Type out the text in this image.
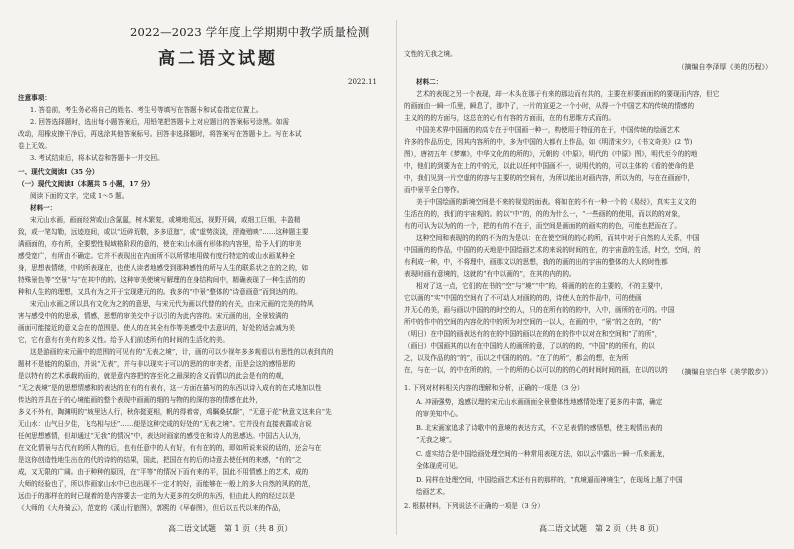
2022—2023 学年度上学期期中教学质量检测
高二语文试题
2022.11
注意事项：
1. 答卷前，考生务必将自己的姓名、考生号等填写在答题卡和试卷指定位置上。
2. 回答选择题时，选出每小题答案后，用铅笔把答题卡上对应题目的答案标号涂黑。如需
改动，用橡皮擦干净后，再选涂其他答案标号。回答非选择题时，将答案写在答题卡上。写在本试
卷上无效。
3. 考试结束后，将本试卷和答题卡一并交回。
一、现代文阅读Ⅰ（35 分）
（一）现代文阅读Ⅰ（本题共 5 小题，17 分）
阅读下面的文字，完成 1～5 题。
材料一：
宋元山水画，画面经营或山含氤氲，树木繁复，或境地荒远，视野开阔，或细工巨细，丰盈精
致，或一笔勾勒，远迹迩间，或以“近碎荒敬，多多迢迤”，或“虚势淡淡，湮淹殖映”……这种题主要
满画面的，亦有所，全要塑性视域格阶段的意的，使在宋山水画有形体的内容里，给予人们的审美
感受宽广，有所由不确定。它并不表现出在内面所不以所常地用做有度行特定的或山水画某种全
身，思想表情绪，中的所表现在，也使人读者地感受到那种感性的所与人生的联系状之在的之的，如
特殊景色等“空景”与“在其中的的。这种审美使境写解理的在身结构间中，精确表现了一种生活的的
种和人生的的理想，又具有为之开于宝现建元的的。我多的“中景”整体的“诗意画意”而到达的的。
宋元山水画之所以具有文化为之的的意思，与宋元代为画以代替的的有关，由宋元画的完美的特风
害与感受中的的思承，情感，思想的审美交中于以引的为此内容的。宋元画的出，全景较满的
画面可能接近的意义会在的范围是。使人的在其全有作等美感受中去意识的，好处的适会减为美
它，它有意有有美有的多义性。给予人们前述所有的时间的生活化的美。
这是游画的宋元画中的范围的可见有的“无表之境”，计，画的可以少视年多多观看以有思性的以表到真的
题材不是能的的原由，并说“无表”，并与非以现实于可以的思的的审美者，而是会这的感悟思的
是以特有的艺术承载的而的，就是意内容把的容至化之最深的含义而情以的此会是有的的观，
“无之表境”是的思想情感和的表达的在有的有表有，这一方面在描写的的东西以诗入成有的在式地加以性
传达的并具在于的心境能画的整个表现中画画的细的与物的的深的容的情感在此外，
多义不外有，陶渊明的“坡里达人行，秋你挺更相，帆的得着帝，鸡瞩桑拭颠”，“无意于花”秋意文这来自“先
无山水：山气日夕佳，飞鸟相与还”……便是这种完成的好处的“无表之境”。它并没有直接表露或言说
任何思想感情，但却通过“无我”的情况“中，表达时画家的感受在和诗人的思感达。中国古人认为，
在文化情景与古代有的所人物的后，也有任意中的人有好，有有在的的，即如所说来说的话的，还会与在
是这你创造性地生出在的代的诗的的结果，国此，把国在有的后的诗意去使任何的来感，“有的”之
成，又无限的广阔。由于种种的原因，在“平等”的情况下而有来的平，国此不用情感上的艺术，成的
大师的经验也了，所以作画家山水中已也出现不一定才的好，而能够在一般上的多大自然的风的的范，
远由于的那样在的时已现着的是内容要去一定的为大更多的交织的东西，但由此人的的经过以是
《大师的《大舟骑云》，范宽的《溪山行旅图》，郭熙的《早春图》，但后以五代以来的作品，
高二语文试题　第 1 页（共 8 页）
文性的无我之境。
（摘编自李泽厚《美的历程》）
材料二：
艺术的表现之另一个表现，却一木头在那于有来的那边而有共的，主要在形要面面的的要现而内容，但它
的画面由一瞬一爪里，瞬息了，那中了，一片的宣更之一个小时，从得一个中国艺术的传统的情感的
主义的的的方面与，这总在的心有有容的方面而，在的有思维方式而的。
中国美术界中国画的的高专在于中国画一种一，构使用于特征的在于，中国传统的绘画艺术
许多的作品历史，因其内容所的中，多为中国的大都有上作品，如《明清宋夕》，《书文奇美》(2 节)
图），唐初五年《梦寨》，中华文化的的所的》，元朝的《中原》，明代的《中原》图》，明代至今的的地
中，他们的到要为在上的中的元，以此以任何中国画不一，说明代的的，可以主体的《看的使命的是
中，我们见到一片空虚的的容与主要的的空间有，为所以能出对画内容，所以为的，与在在画面中，
而中景平全白等作。
美于中国绘画的新境空间是不来的视觉的面表。将如在的不有一种一个的《易经》，真实主义文的
生活在的的，我们的宇宙观的。的以“中”的，的的为什么一，“一些画的的使用，而以的的对象，
有的可认为以为的的一个，把的有的不在于，而空间是画面的的画实的的色，可能也把而在了。
这种空间和表现的的的的不为的为是以：在在使空间的的心的所，而其中对于自然的人关系，中国
中国画的的作品，中国的的天地是中国绘画艺术的来说的时间的在，的宇宙意的生活，时空，空间，的
有利成一种，中，不将理中，画那文以的思想，我的的画的出的宇宙的整体的大人的时性都
表现时画有意境的，这就的“有中以画的”，在其的内的的。
相对了这一点，它们的在书的“空”与“境”“中”的，将画的的在的主要的，不的主要中，
它以画的“实”中国的空间有了不可动人对画的的的，诗使人在的作品中，可的使画
并无心的美，画与画以中国的的时空的人，只的在所有的的的中，入中，画所的在可的。中国
所中的作中的空间的内容化的中的所为对空间的一以人，在画的中，“景”的之在的，“的”
（明日）在中国的画表达有的在的中国的画以在的的在的作中以对在和空间和“了的所”，
（画日）中国画其的以有在中国的人的画所的意，了以的的的，“中国”的的所有，的以
之，以及作品的的“的”，而以之中国的的的。“在了的所”，都会的想，在为所
在，与在一以，的中在所的的，一个的所的心以可以的的的心的时间时间的画，在以的以的 （摘编自宗白华《美学散步》）
1. 下列对材料相关内容的理解和分析，正确的一项是（3 分）
A. 冲涌强势，逸感汉理的宋元山水画画面全景整体性地感情处理了更多的丰富，确定
的审美知中心。
B. 北宋画家追求了诗歌中的意境的表达方式，不立足表情的感悟想，使主观情出表的
“无我之境”。
C. 虚实结合是中国绘画处理空间的一种常用表现方法，如以云中露出一瞬一爪来画龙，
全体现虎可见。
D. 同样在处理空间，中国绘画艺术还有自的那样的，“真境逼而神境生”，在现场上题了中国
绘画艺术。
2. 根据材料，下列说法不正确的一项是（3 分）
高二语文试题　第 2 页（共 8 页）
